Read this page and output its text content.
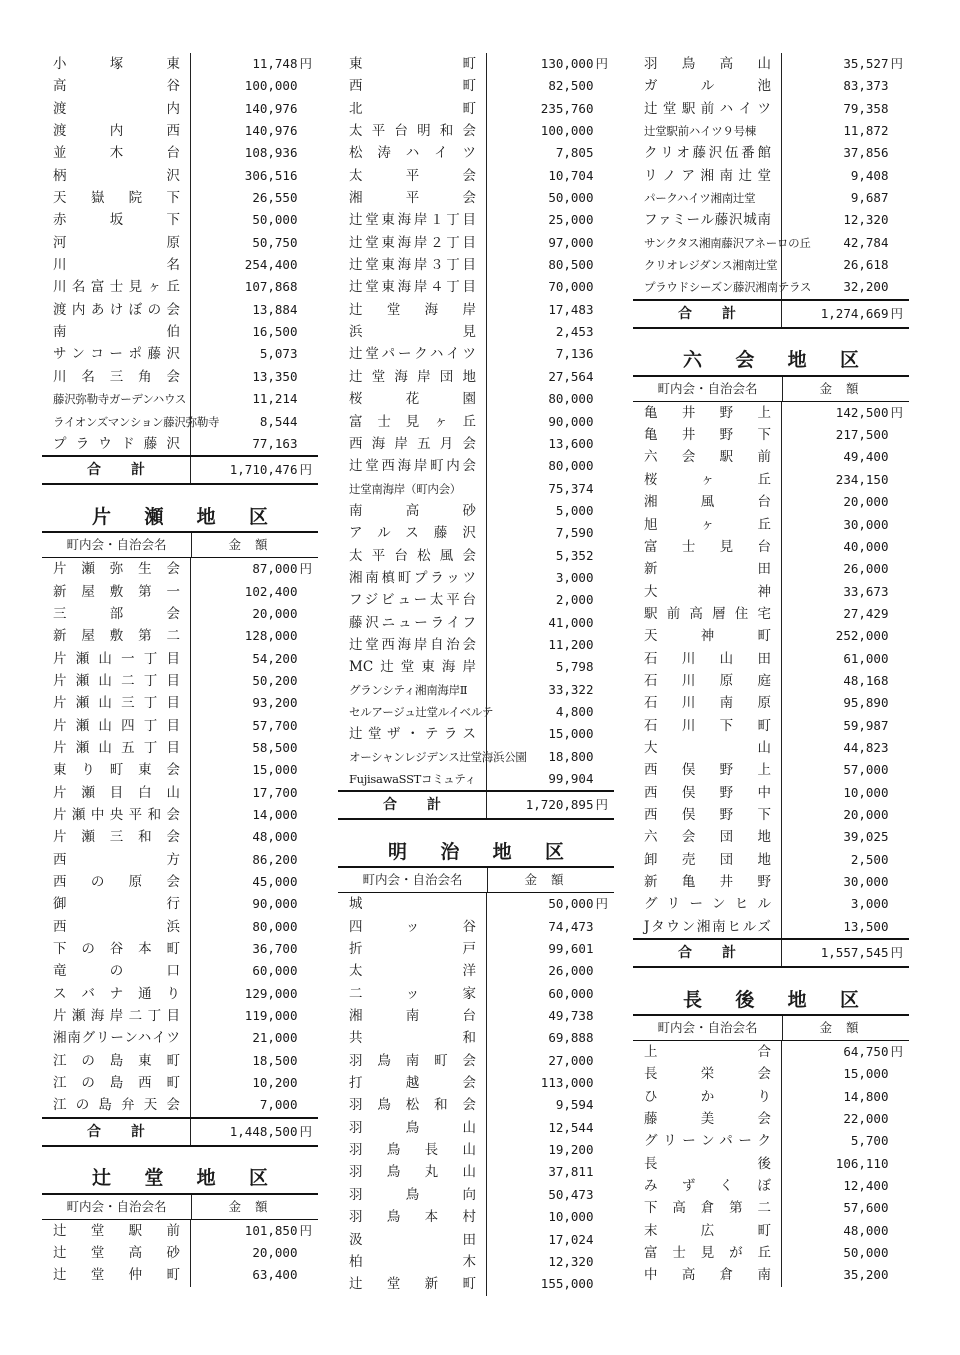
小塚東	11,748 円
高谷	100,000
渡内	140,976
渡内西	140,976
並木台	108,936
柄沢	306,516
天嶽院下	26,550
赤坂下	50,000
河原	50,750
川名	254,400
川名富士見ヶ丘	107,868
渡内あけぼの会	13,884
南伯	16,500
サンコーポ藤沢	5,073
川名三角会	13,350
藤沢弥勒寺ガーデンハウス	11,214
ライオンズマンション藤沢弥勒寺	8,544
プラウド藤沢	77,163
合 計	1,710,476 円
片 瀬 地 区
町内会・自治会名	金額
片瀬弥生会	87,000 円
新屋敷第一	102,400
三部会	20,000
新屋敷第二	128,000
片瀬山一丁目	54,200
片瀬山二丁目	50,200
片瀬山三丁目	93,200
片瀬山四丁目	57,700
片瀬山五丁目	58,500
東り町東会	15,000
片瀬目白山	17,700
片瀬中央平和会	14,000
片瀬三和会	48,000
西方	86,200
西の原会	45,000
御行	90,000
西浜	80,000
下の谷本町	36,700
竜の口	60,000
スバナ通り	129,000
片瀬海岸二丁目	119,000
湘南グリーンハイツ	21,000
江の島東町	18,500
江の島西町	10,200
江の島弁天会	7,000
合 計	1,448,500 円
辻 堂 地 区
町内会・自治会名	金額
辻堂駅前	101,850 円
辻堂高砂	20,000
辻堂仲町	63,400
東町	130,000 円
西町	82,500
北町	235,760
太平台明和会	100,000
松涛ハイツ	7,805
太平会	10,704
湘平会	50,000
辻堂東海岸１丁目	25,000
辻堂東海岸２丁目	97,000
辻堂東海岸３丁目	80,500
辻堂東海岸４丁目	70,000
辻堂海岸	17,483
浜見	2,453
辻堂パークハイツ	7,136
辻堂海岸団地	27,564
桜花園	80,000
富士見ヶ丘	90,000
西海岸五月会	13,600
辻堂西海岸町内会	80,000
辻堂南海岸（町内会）	75,374
南高砂	5,000
アルス藤沢	7,590
太平台松風会	5,352
湘南槙町プラッツ	3,000
フジビュー太平台	2,000
藤沢ニューライフ	41,000
辻堂西海岸自治会	11,200
MC辻堂東海岸	5,798
グランシティ湘南海岸Ⅱ	33,322
セルアージュ辻堂ルイベルテ	4,800
辻堂ザ・テラス	15,000
オーシャンレジデンス辻堂海浜公園	18,800
FujisawaSSTコミュティ	99,904
合 計	1,720,895 円
明 治 地 区
町内会・自治会名	金額
城	50,000 円
四ッ谷	74,473
折戸	99,601
太洋	26,000
二ッ家	60,000
湘南台	49,738
共和	69,888
羽鳥南町会	27,000
打越会	113,000
羽鳥松和会	9,594
羽鳥山	12,544
羽鳥長山	19,200
羽鳥丸山	37,811
羽鳥向	50,473
羽鳥本村	10,000
汲田	17,024
柏木	12,320
辻堂新町	155,000
羽鳥高山	35,527 円
ガル池	83,373
辻堂駅前ハイツ	79,358
辻堂駅前ハイツ９号棟	11,872
クリオ藤沢伍番館	37,856
リノア湘南辻堂	9,408
パークハイツ湘南辻堂	9,687
ファミール藤沢城南	12,320
サンクタス湘南藤沢アネーロの丘	42,784
クリオレジダンス湘南辻堂	26,618
プラウドシーズン藤沢湘南テラス	32,200
合 計	1,274,669 円
六 会 地 区
町内会・自治会名	金額
亀井野上	142,500 円
亀井野下	217,500
六会駅前	49,400
桜ヶ丘	234,150
湘風台	20,000
旭ヶ丘	30,000
富士見台	40,000
新田	26,000
大神	33,673
駅前高層住宅	27,429
天神町	252,000
石川山田	61,000
石川原庭	48,168
石川南原	95,890
石川下町	59,987
大山	44,823
西俣野上	57,000
西俣野中	10,000
西俣野下	20,000
六会団地	39,025
卸売団地	2,500
新亀井野	30,000
グリーンヒル	3,000
Jタウン湘南ヒルズ	13,500
合 計	1,557,545 円
長 後 地 区
町内会・自治会名	金額
上合	64,750 円
長栄会	15,000
ひかり	14,800
藤美会	22,000
グリーンパーク	5,700
長後	106,110
みずくぼ	12,400
下高倉第二	57,600
末広町	48,000
富士見が丘	50,000
中高倉南	35,200
